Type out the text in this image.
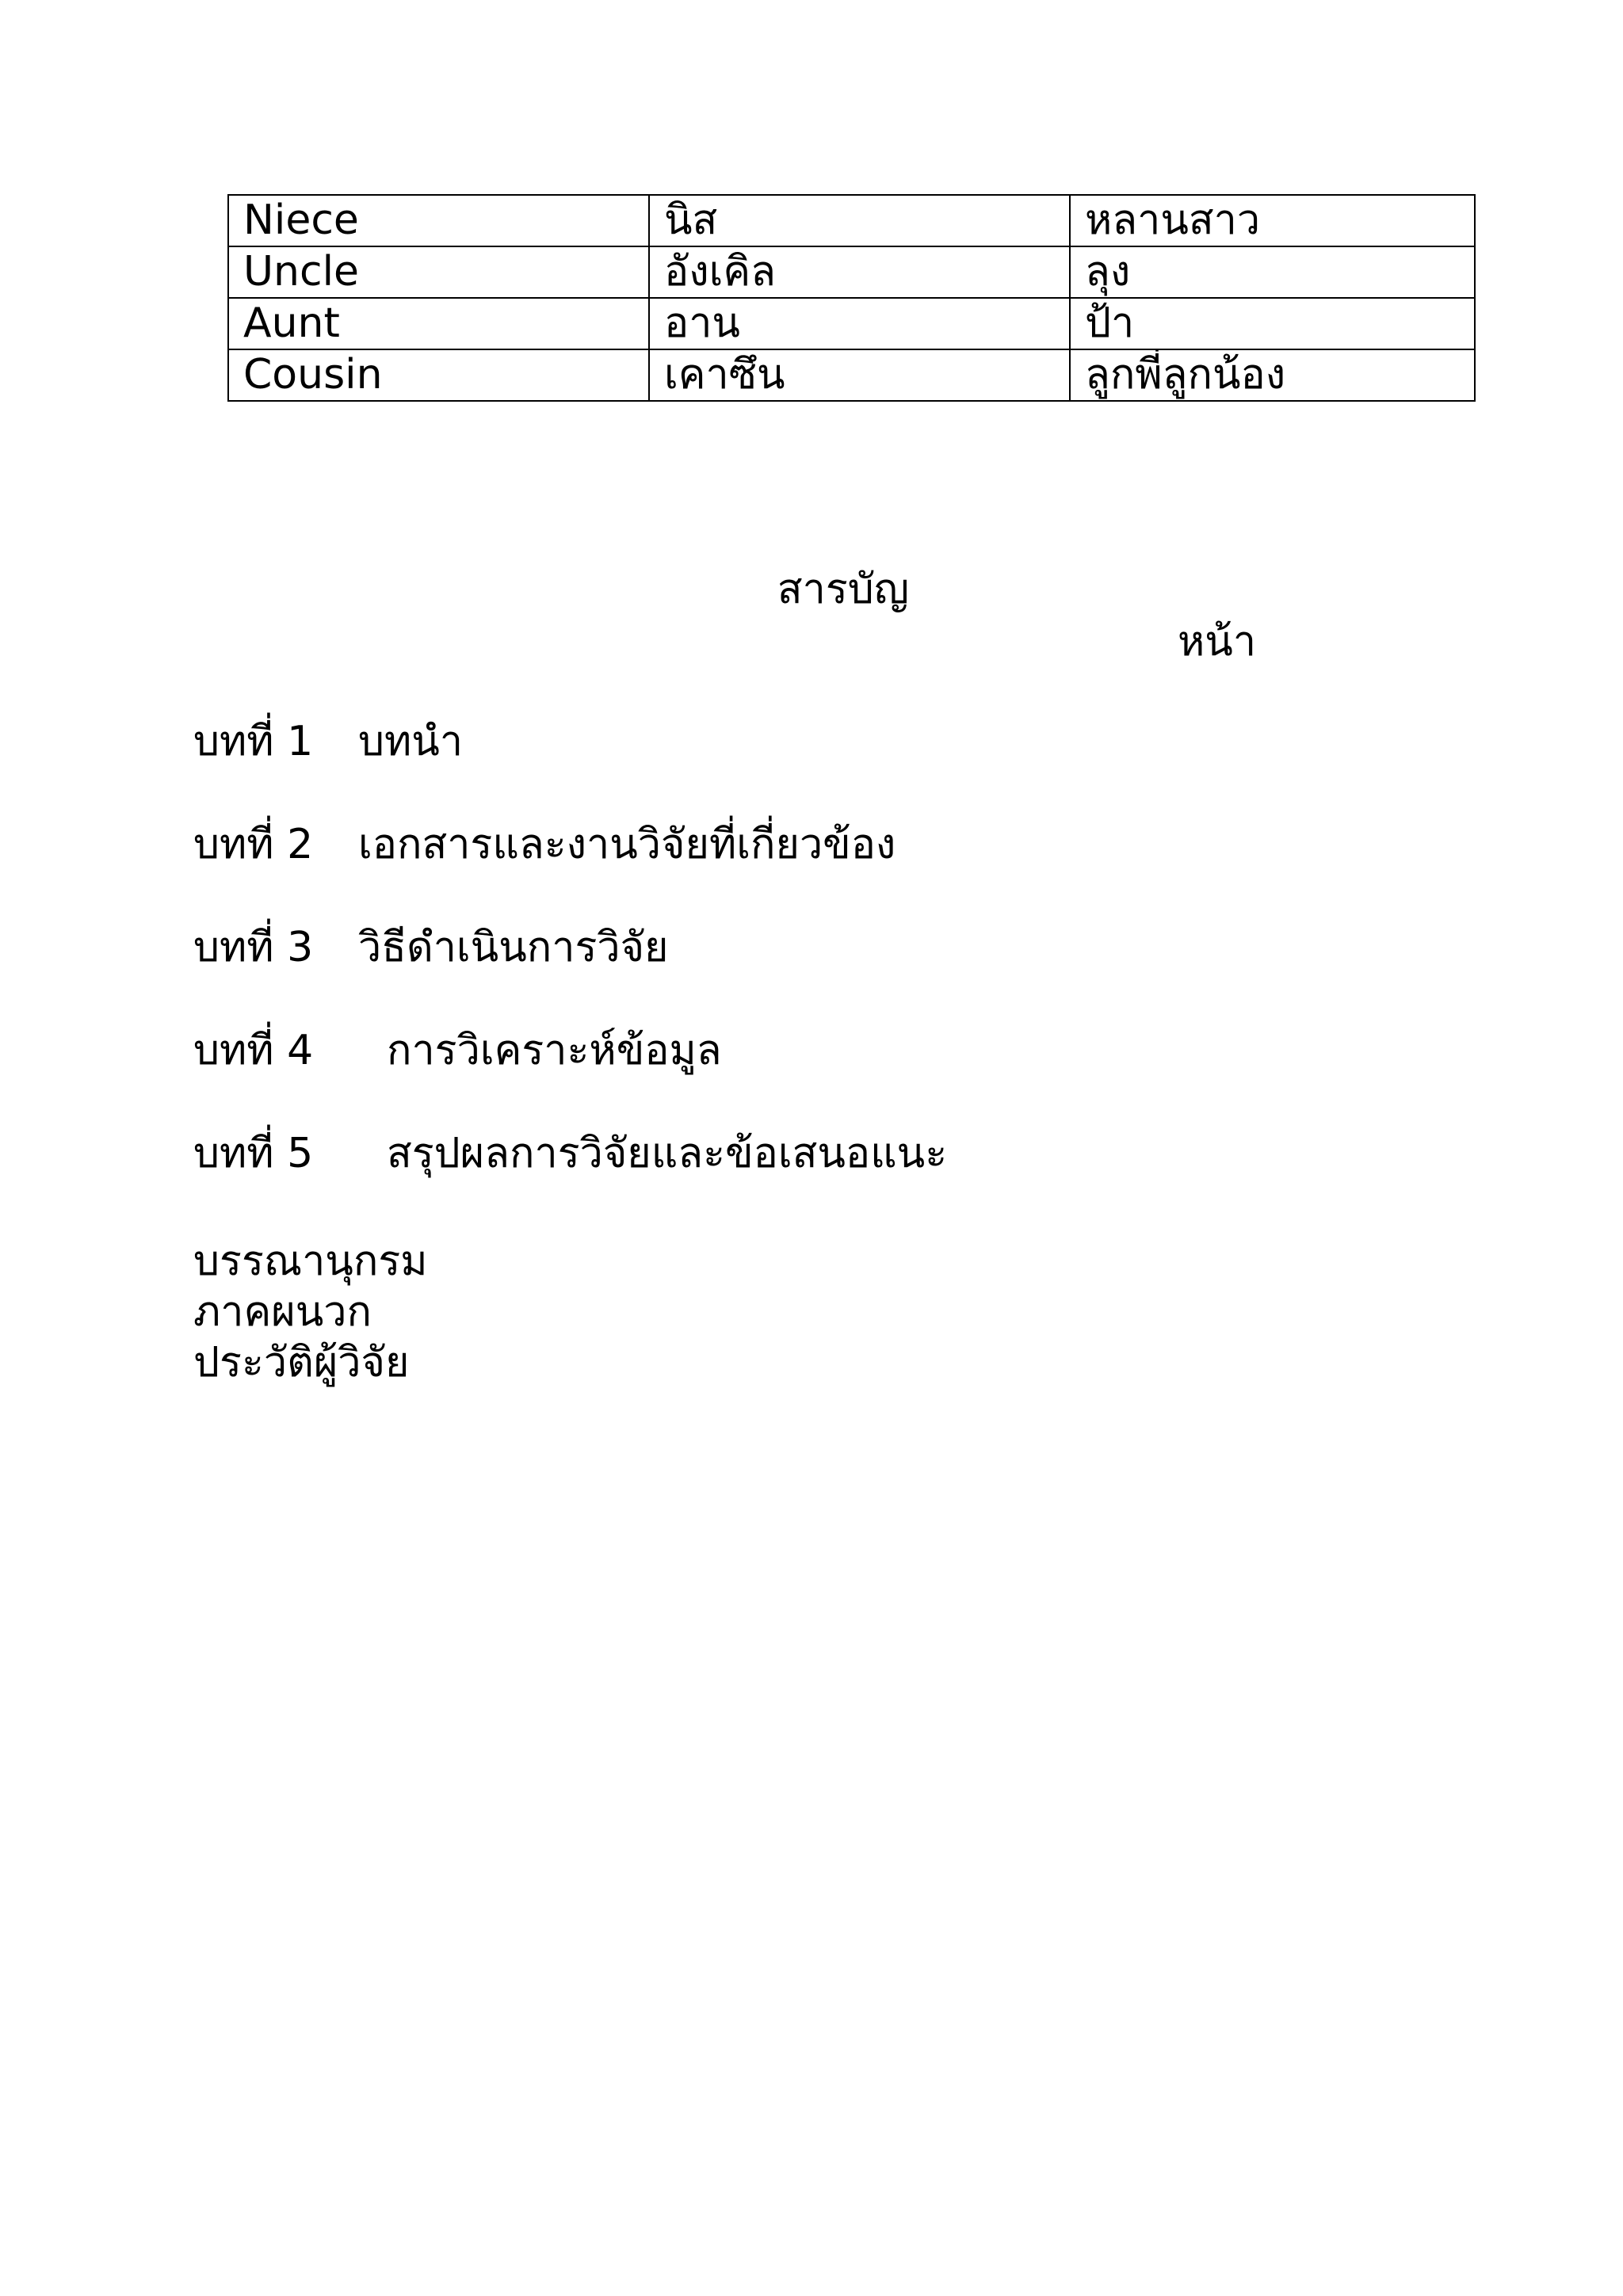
Niece	นิส	หลานสาว
Uncle	อังเคิล	ลุง
Aunt	อาน	ป้า
Cousin	เคาซึน	ลูกพี่ลูกน้อง
สารบัญ
หน้า
บทที่ 1 บทนำ
บทที่ 2 เอกสารและงานวิจัยที่เกี่ยวข้อง
บทที่ 3 วิธีดำเนินการวิจัย
บทที่ 4 การวิเคราะห์ข้อมูล
บทที่ 5 สรุปผลการวิจัยและข้อเสนอแนะ
บรรณานุกรม
ภาคผนวก
ประวัติผู้วิจัย
